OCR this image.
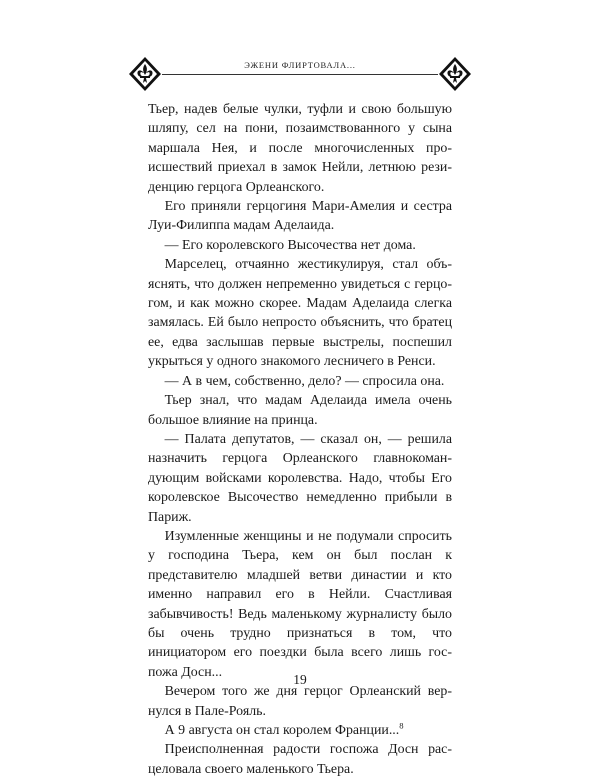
ЭЖЕНИ ФЛИРТОВАЛА...

Тьер, надев белые чулки, туфли и свою большую шляпу, сел на пони, позаимствованного у сына маршала Нея, и после многочисленных происшествий приехал в замок Нейли, летнюю резиденцию герцога Орлеанского.

Его приняли герцогиня Мари-Амелия и сестра Луи-Филиппа мадам Аделаида.

— Его королевского Высочества нет дома.

Марселец, отчаянно жестикулируя, стал объяснять, что должен непременно увидеться с герцогом, и как можно скорее. Мадам Аделаида слегка замялась. Ей было непросто объяснить, что братец ее, едва заслышав первые выстрелы, поспешил укрыться у одного знакомого лесничего в Ренси.

— А в чем, собственно, дело? — спросила она.

Тьер знал, что мадам Аделаида имела очень большое влияние на принца.

— Палата депутатов, — сказал он, — решила назначить герцога Орлеанского главнокомандующим войсками королевства. Надо, чтобы Его королевское Высочество немедленно прибыли в Париж.

Изумленные женщины и не подумали спросить у господина Тьера, кем он был послан к представителю младшей ветви династии и кто именно направил его в Нейли. Счастливая забывчивость! Ведь маленькому журналисту было бы очень трудно признаться в том, что инициатором его поездки была всего лишь госпожа Досн...

Вечером того же дня герцог Орлеанский вернулся в Пале-Рояль.

А 9 августа он стал королем Франции...$^8$

Преисполненная радости госпожа Досн расцеловала своего маленького Тьера.

19
